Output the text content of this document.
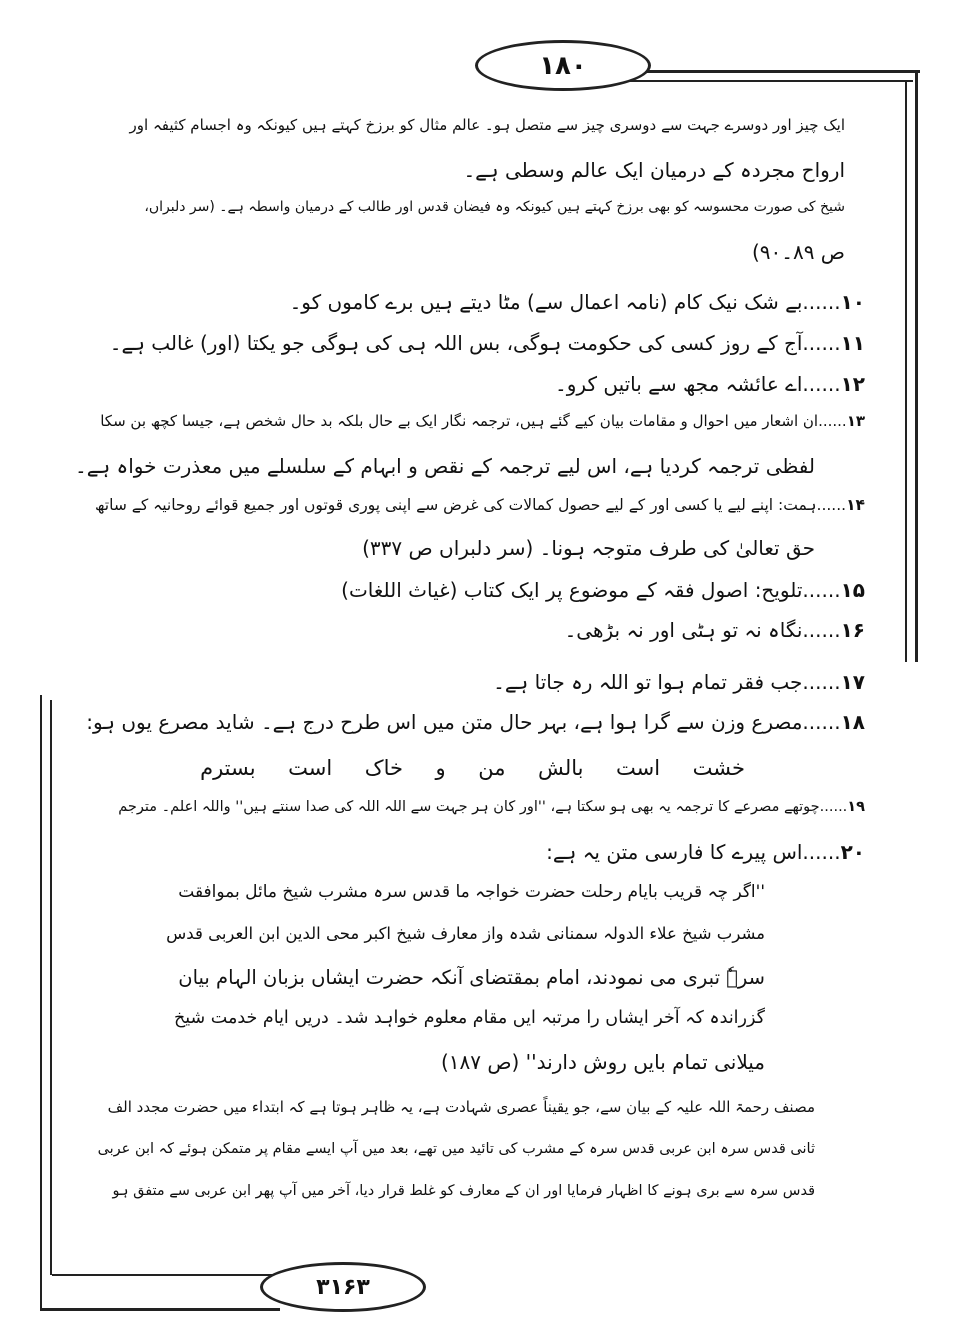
۱۸۰
۳۱۶۳
ایک چیز اور دوسرے جہت سے دوسری چیز سے متصل ہو۔ عالم مثال کو برزخ کہتے ہیں کیونکہ وہ اجسام کثیفہ اور
ارواح مجردہ کے درمیان ایک عالم وسطی ہے۔
شیخ کی صورت محسوسہ کو بھی برزخ کہتے ہیں کیونکہ وہ فیضان قدس اور طالب کے درمیان واسطہ ہے۔ (سر دلبراں،
ص ۸۹۔۹۰)
۱۰......بے شک نیک کام (نامہ اعمال سے) مٹا دیتے ہیں برے کاموں کو۔
۱۱......آج کے روز کسی کی حکومت ہوگی، بس اللہ ہی کی ہوگی جو یکتا (اور) غالب ہے۔
۱۲......اے عائشہ مجھ سے باتیں کرو۔
۱۳......ان اشعار میں احوال و مقامات بیان کیے گئے ہیں، ترجمہ نگار ایک بے حال بلکہ بد حال شخص ہے، جیسا کچھ بن سکا
لفظی ترجمہ کردیا ہے، اس لیے ترجمہ کے نقص و ابہام کے سلسلے میں معذرت خواہ ہے۔
۱۴......ہمت: اپنے لیے یا کسی اور کے لیے حصول کمالات کی غرض سے اپنی پوری قوتوں اور جمیع قوائے روحانیہ کے ساتھ
حق تعالیٰ کی طرف متوجہ ہونا۔ (سر دلبراں ص ۳۳۷)
۱۵......تلویح: اصول فقہ کے موضوع پر ایک کتاب (غیاث اللغات)
۱۶......نگاہ نہ تو ہٹی اور نہ بڑھی۔
۱۷......جب فقر تمام ہوا تو اللہ رہ جاتا ہے۔
۱۸......مصرع وزن سے گرا ہوا ہے، بہر حال متن میں اس طرح درج ہے۔ شاید مصرع یوں ہو:
خشت
است
بالش
من
و
خاک
است
بسترم
۱۹......چوتھے مصرعے کا ترجمہ یہ بھی ہو سکتا ہے، ''اور کان ہر جہت سے اللہ اللہ کی صدا سنتے ہیں'' واللہ اعلم۔ مترجم
۲۰......اس پیرے کا فارسی متن یہ ہے:
''اگر چہ قریب بایام رحلت حضرت خواجہ ما قدس سرہ مشرب شیخ مائل بموافقت
مشرب شیخ علاء الدولہ سمنانی شدہ واز معارف شیخ اکبر محی الدین ابن العربی قدس
سرہٗ تبری می نمودند، امام بمقتضای آنکہ حضرت ایشاں بزبان الہام بیان
گزراندہ کہ آخر ایشاں را مرتبہ ایں مقام معلوم خواہد شد۔ دریں ایام خدمت شیخ
میلانی تمام بایں روش دارند'' (ص ۱۸۷)
مصنف رحمۃ اللہ علیہ کے بیان سے، جو یقیناً عصری شہادت ہے، یہ ظاہر ہوتا ہے کہ ابتداء میں حضرت مجدد الف
ثانی قدس سرہ ابن عربی قدس سرہ کے مشرب کی تائید میں تھے، بعد میں آپ ایسے مقام پر متمکن ہوئے کہ ابن عربی
قدس سرہ سے بری ہونے کا اظہار فرمایا اور ان کے معارف کو غلط قرار دیا، آخر میں آپ پھر ابن عربی سے متفق ہو
